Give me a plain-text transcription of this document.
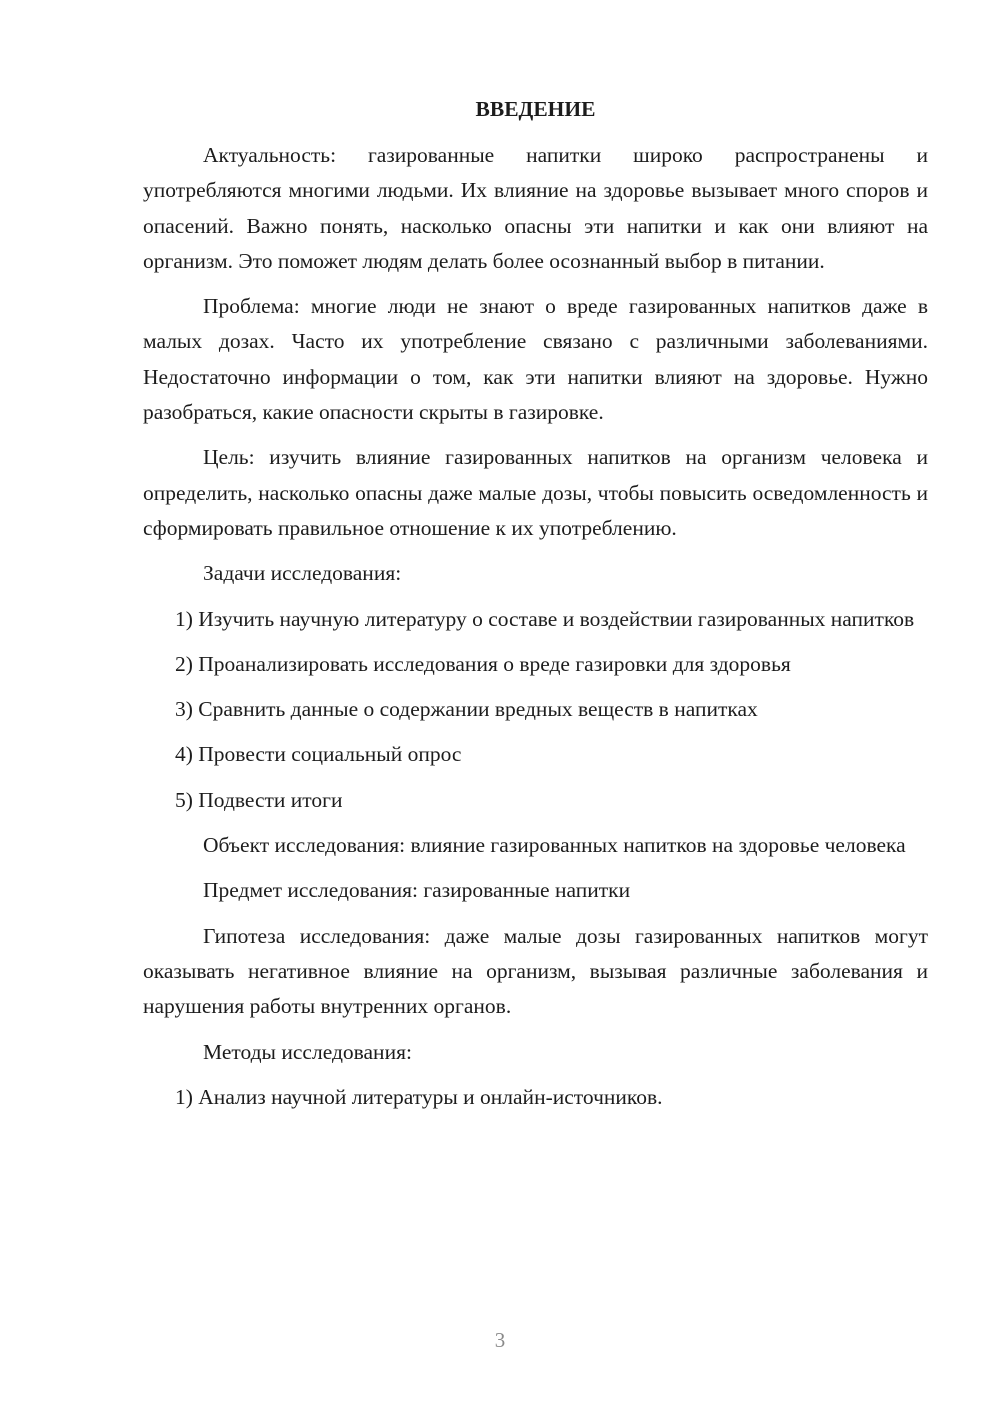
ВВЕДЕНИЕ

Актуальность: газированные напитки широко распространены и употребляются многими людьми. Их влияние на здоровье вызывает много споров и опасений. Важно понять, насколько опасны эти напитки и как они влияют на организм. Это поможет людям делать более осознанный выбор в питании.

Проблема: многие люди не знают о вреде газированных напитков даже в малых дозах. Часто их употребление связано с различными заболеваниями. Недостаточно информации о том, как эти напитки влияют на здоровье. Нужно разобраться, какие опасности скрыты в газировке.

Цель: изучить влияние газированных напитков на организм человека и определить, насколько опасны даже малые дозы, чтобы повысить осведомленность и сформировать правильное отношение к их употреблению.

Задачи исследования:

1) Изучить научную литературу о составе и воздействии газированных напитков

2) Проанализировать исследования о вреде газировки для здоровья

3) Сравнить данные о содержании вредных веществ в напитках

4) Провести социальный опрос

5) Подвести итоги

Объект исследования: влияние газированных напитков на здоровье человека

Предмет исследования: газированные напитки

Гипотеза исследования: даже малые дозы газированных напитков могут оказывать негативное влияние на организм, вызывая различные заболевания и нарушения работы внутренних органов.

Методы исследования:

1) Анализ научной литературы и онлайн-источников.

3
